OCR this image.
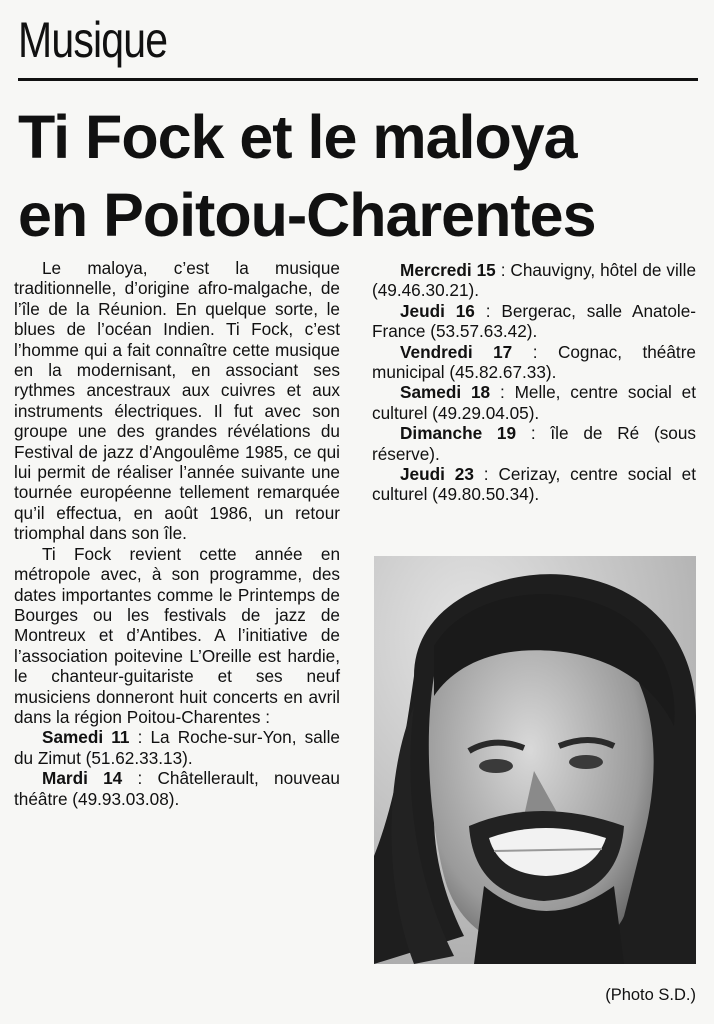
Musique
Ti Fock et le maloya
en Poitou-Charentes

Le maloya, c’est la musique traditionnelle, d’origine afro-malgache, de l’île de la Réunion. En quelque sorte, le blues de l’océan Indien. Ti Fock, c’est l’homme qui a fait connaître cette musique en la modernisant, en associant ses rythmes ancestraux aux cuivres et aux instruments électriques. Il fut avec son groupe une des grandes révélations du Festival de jazz d’Angoulême 1985, ce qui lui permit de réaliser l’année suivante une tournée européenne tellement remarquée qu’il effectua, en août 1986, un retour triomphal dans son île.

Ti Fock revient cette année en métropole avec, à son programme, des dates importantes comme le Printemps de Bourges ou les festivals de jazz de Montreux et d’Antibes. A l’initiative de l’association poitevine L’Oreille est hardie, le chanteur-guitariste et ses neuf musiciens donneront huit concerts en avril dans la région Poitou-Charentes :

Samedi 11 : La Roche-sur-Yon, salle du Zimut (51.62.33.13).

Mardi 14 : Châtellerault, nouveau théâtre (49.93.03.08).

Mercredi 15 : Chauvigny, hôtel de ville (49.46.30.21).

Jeudi 16 : Bergerac, salle Anatole-France (53.57.63.42).

Vendredi 17 : Cognac, théâtre municipal (45.82.67.33).

Samedi 18 : Melle, centre social et culturel (49.29.04.05).

Dimanche 19 : île de Ré (sous réserve).

Jeudi 23 : Cerizay, centre social et culturel (49.80.50.34).

(Photo S.D.)
